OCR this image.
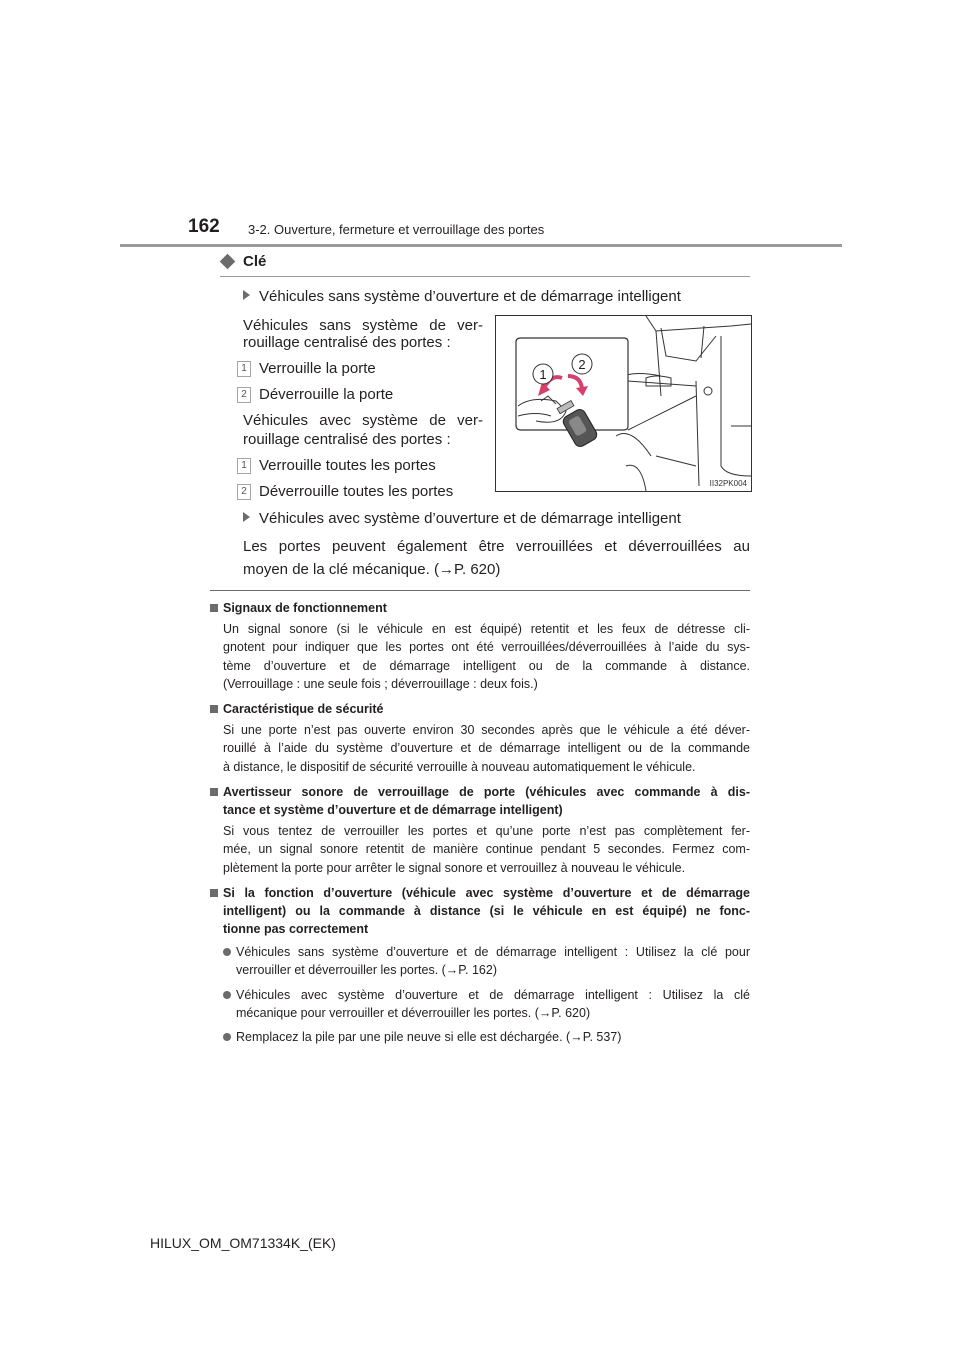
162 3-2. Ouverture, fermeture et verrouillage des portes
Clé
Véhicules sans système d’ouverture et de démarrage intelligent
Véhicules sans système de ver-
rouillage centralisé des portes :
1 Verrouille la porte
2 Déverrouille la porte
Véhicules avec système de ver-
rouillage centralisé des portes :
1 Verrouille toutes les portes
2 Déverrouille toutes les portes
Véhicules avec système d’ouverture et de démarrage intelligent
Les portes peuvent également être verrouillées et déverrouillées au
moyen de la clé mécanique. (→P. 620)
1
2
II32PK004
Signaux de fonctionnement
Un signal sonore (si le véhicule en est équipé) retentit et les feux de détresse cli-
gnotent pour indiquer que les portes ont été verrouillées/déverrouillées à l’aide du sys-
tème d’ouverture et de démarrage intelligent ou de la commande à distance.
(Verrouillage : une seule fois ; déverrouillage : deux fois.)
Caractéristique de sécurité
Si une porte n’est pas ouverte environ 30 secondes après que le véhicule a été déver-
rouillé à l’aide du système d’ouverture et de démarrage intelligent ou de la commande
à distance, le dispositif de sécurité verrouille à nouveau automatiquement le véhicule.
Avertisseur sonore de verrouillage de porte (véhicules avec commande à dis-
tance et système d’ouverture et de démarrage intelligent)
Si vous tentez de verrouiller les portes et qu’une porte n’est pas complètement fer-
mée, un signal sonore retentit de manière continue pendant 5 secondes. Fermez com-
plètement la porte pour arrêter le signal sonore et verrouillez à nouveau le véhicule.
Si la fonction d’ouverture (véhicule avec système d’ouverture et de démarrage
intelligent) ou la commande à distance (si le véhicule en est équipé) ne fonc-
tionne pas correctement
Véhicules sans système d’ouverture et de démarrage intelligent : Utilisez la clé pour
verrouiller et déverrouiller les portes. (→P. 162)
Véhicules avec système d’ouverture et de démarrage intelligent : Utilisez la clé
mécanique pour verrouiller et déverrouiller les portes. (→P. 620)
Remplacez la pile par une pile neuve si elle est déchargée. (→P. 537)
HILUX_OM_OM71334K_(EK)
